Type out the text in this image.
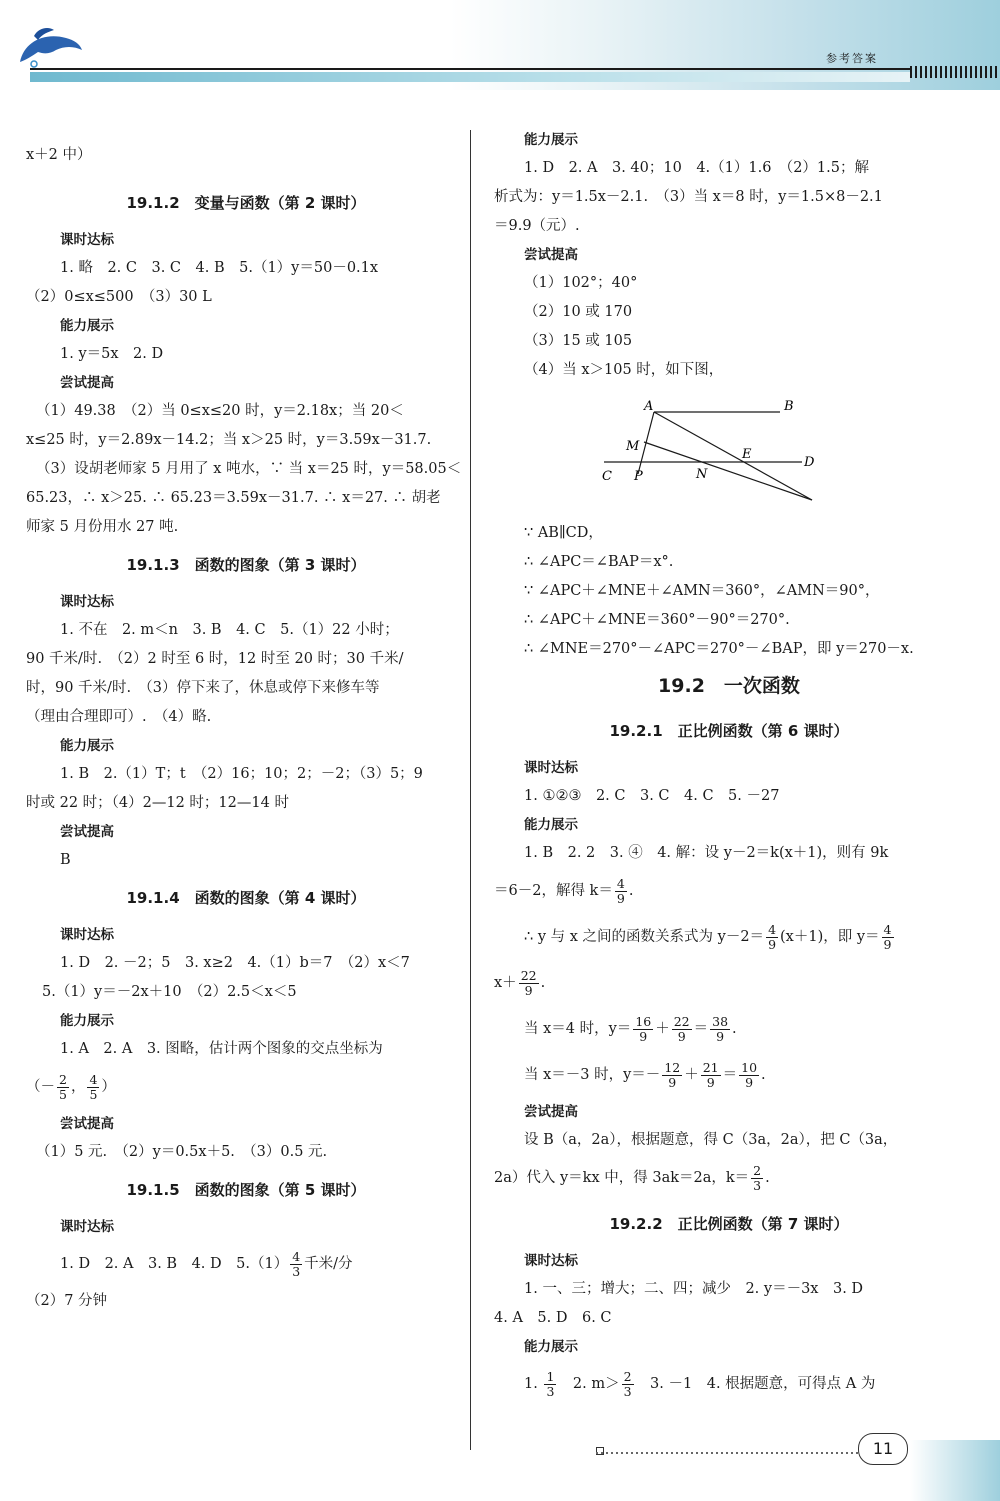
参考答案
x＋2 中）
19.1.2　变量与函数（第 2 课时）
课时达标
1. 略　2. C　3. C　4. B　5.（1）y＝50－0.1x
（2）0≤x≤500　（3）30 L
能力展示
1. y＝5x　2. D
尝试提高
（1）49.38　（2）当 0≤x≤20 时，y＝2.18x；当 20＜
x≤25 时，y＝2.89x－14.2；当 x＞25 时，y＝3.59x－31.7.
（3）设胡老师家 5 月用了 x 吨水，∵ 当 x＝25 时，y＝58.05＜
65.23，∴ x＞25. ∴ 65.23＝3.59x－31.7. ∴ x＝27. ∴ 胡老
师家 5 月份用水 27 吨.
19.1.3　函数的图象（第 3 课时）
课时达标
1. 不在　2. m＜n　3. B　4. C　5.（1）22 小时；
90 千米/时.　（2）2 时至 6 时，12 时至 20 时；30 千米/
时，90 千米/时.　（3）停下来了，休息或停下来修车等
（理由合理即可）.　（4）略.
能力展示
1. B　2.（1）T；t　（2）16；10；2；－2；（3）5；9
时或 22 时；（4）2—12 时；12—14 时
尝试提高
B
19.1.4　函数的图象（第 4 课时）
课时达标
1. D　2. －2；5　3. x≥2　4.（1）b＝7　（2）x＜7
5.（1）y＝－2x＋10　（2）2.5＜x＜5
能力展示
1. A　2. A　3. 图略，估计两个图象的交点坐标为
（－ $\frac{2}{5}$ ， $\frac{4}{5}$ ）
尝试提高
（1）5 元.　（2）y＝0.5x＋5.　（3）0.5 元.
19.1.5　函数的图象（第 5 课时）
课时达标
1. D　2. A　3. B　4. D　$5.(1) \frac{4}{3}$ 千米/分
（2）7 分钟
能力展示
1. D　2. A　3. 40；10　4.（1）1.6　（2）1.5；解
析式为：y＝1.5x－2.1.　（3）当 x＝8 时，y＝1.5×8－2.1
＝9.9（元）.
尝试提高
（1）102°；40°
（2）10 或 170
（3）15 或 105
（4）当 x＞105 时，如下图，
∵ AB∥CD，
∴ ∠APC＝∠BAP＝x°.
∵ ∠APC＋∠MNE＋∠AMN＝360°，∠AMN＝90°，
∴ ∠APC＋∠MNE＝360°－90°＝270°.
∴ ∠MNE＝270°－∠APC＝270°－∠BAP，即 y＝270－x.
19.2　一次函数
19.2.1　正比例函数（第 6 课时）
课时达标
1. ①②③　2. C　3. C　4. C　5. －27
能力展示
1. B　2. 2　3. ④　4. 解：设 y－2＝k(x＋1)，则有 9k
＝6－2，解得 $k= \frac{4}{9}$ .
∴ y 与 x 之间的函数关系式为 $y-2= \frac{4}{9} (x+1)$，即 $y= \frac{4}{9}$
$x+ \frac{22}{9}$ .
当 x＝4 时，$y= \frac{16}{9} + \frac{22}{9} = \frac{38}{9}$ .
当 x＝－3 时，$y=- \frac{12}{9} + \frac{21}{9} = \frac{10}{9}$ .
尝试提高
设 B（a，2a），根据题意，得 C（3a，2a），把 C（3a，
2a）代入 y＝kx 中，得 3ak＝2a，$k= \frac{2}{3}$ .
19.2.2　正比例函数（第 7 课时）
课时达标
1. 一、三；增大；二、四；减少　2. y＝－3x　3. D
4. A　5. D　6. C
能力展示
1. $\frac{1}{3}$ 　2. $m> \frac{2}{3}$ 　3. －1　4. 根据题意，可得点 A 为
A	B
C
D
E
M
N
P
11
